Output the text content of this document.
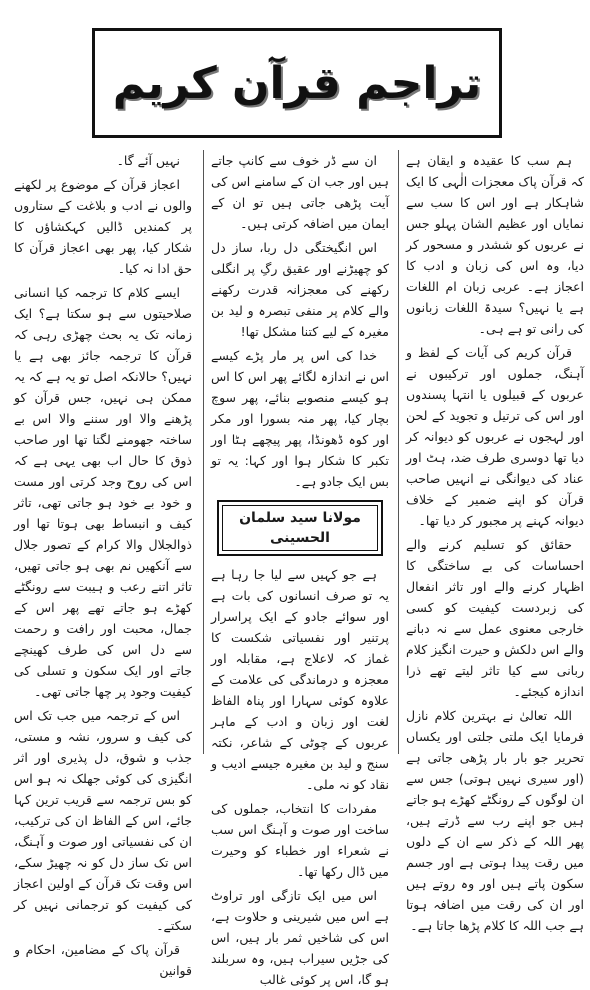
تراجم قرآن کریم

ہم سب کا عقیدہ و ایقان ہے کہ قرآن پاک معجزات الٰہی کا ایک شاہکار ہے اور اس کا سب سے نمایاں اور عظیم الشان پہلو جس نے عربوں کو ششدر و مسحور کر دیا، وہ اس کی زبان و ادب کا اعجاز ہے۔ عربی زبان ام اللغات ہے یا نہیں؟ سیدۃ اللغات زبانوں کی رانی تو ہے ہی۔

قرآن کریم کی آیات کے لفظ و آہنگ، جملوں اور ترکیبوں نے عربوں کے قبیلوں یا انتہا پسندوں اور اس کی ترتیل و تجوید کے لحن اور لہجوں نے عربوں کو دیوانہ کر دیا تھا دوسری طرف ضد، ہٹ اور عناد کی دیوانگی نے انہیں صاحب قرآن کو اپنے ضمیر کے خلاف دیوانہ کہنے پر مجبور کر دیا تھا۔

حقائق کو تسلیم کرنے والے احساسات کی بے ساختگی کا اظہار کرنے والے اور تاثر انفعال کی زبردست کیفیت کو کسی خارجی معنوی عمل سے نہ دبانے والے اس دلکش و حیرت انگیز کلام ربانی سے کیا تاثر لیتے تھے ذرا اندازہ کیجئے۔

اللہ تعالیٰ نے بہترین کلام نازل فرمایا ایک ملتی جلتی اور یکساں تحریر جو بار بار پڑھی جاتی ہے (اور سیری نہیں ہوتی) جس سے ان لوگوں کے رونگٹے کھڑے ہو جاتے ہیں جو اپنے رب سے ڈرتے ہیں، پھر اللہ کے ذکر سے ان کے دلوں میں رقت پیدا ہوتی ہے اور جسم سکون پاتے ہیں اور وہ روتے ہیں اور ان کی رقت میں اضافہ ہوتا ہے جب اللہ کا کلام پڑھا جاتا ہے۔

ان سے ڈر خوف سے کانپ جاتے ہیں اور جب ان کے سامنے اس کی آیت پڑھی جاتی ہیں تو ان کے ایمان میں اضافہ کرتی ہیں۔

اس انگیختگی دل ربا، ساز دل کو چھیڑنے اور عقیق رگِ پر انگلی رکھنے کی معجزانہ قدرت رکھنے والے کلام پر منفی تبصرہ و لید بن مغیرہ کے لیے کتنا مشکل تھا!

خدا کی اس پر مار پڑے کیسے اس نے اندازہ لگائے پھر اس کا اس ہو کیسے منصوبے بنائے، پھر سوچ بچار کیا، پھر منہ بسورا اور مکر اور کوہ ڈھونڈا، پھر پیچھے ہٹا اور تکبر کا شکار ہوا اور کہا: یہ تو بس ایک جادو ہے۔

مولانا سید سلمان الحسینی

ہے جو کہیں سے لیا جا رہا ہے یہ تو صرف انسانوں کی بات ہے اور سوائے جادو کے ایک پراسرار پرتنیر اور نفسیاتی شکست کا غماز کہ لاعلاج ہے، مقابلہ اور معجزہ و درماندگی کی علامت کے علاوہ کوئی سہارا اور پناہ الفاظ لغت اور زبان و ادب کے ماہر عربوں کے چوٹی کے شاعر، نکتہ سنج و لید بن مغیرہ جیسے ادیب و نقاد کو نہ ملی۔

مفردات کا انتخاب، جملوں کی ساخت اور صوت و آہنگ اس سب نے شعراء اور خطباء کو وحیرت میں ڈال رکھا تھا۔

اس میں ایک تازگی اور تراوٹ ہے اس میں شیرینی و حلاوت ہے، اس کی شاخیں ثمر بار ہیں، اس کی جڑیں سیراب ہیں، وہ سربلند ہو گا، اس پر کوئی غالب

نہیں آئے گا۔

اعجاز قرآن کے موضوع پر لکھنے والوں نے ادب و بلاغت کے ستاروں پر کمندیں ڈالیں کہکشاؤں کا شکار کیا، پھر بھی اعجاز قرآن کا حق ادا نہ کیا۔

ایسے کلام کا ترجمہ کیا انسانی صلاحیتوں سے ہو سکتا ہے؟ ایک زمانہ تک یہ بحث چھڑی رہی کہ قرآن کا ترجمہ جائز بھی ہے یا نہیں؟ حالانکہ اصل تو یہ ہے کہ یہ ممکن ہی نہیں، جس قرآن کو پڑھنے والا اور سننے والا اس بے ساختہ جھومنے لگتا تھا اور صاحب ذوق کا حال اب بھی یہی ہے کہ اس کی روح وجد کرتی اور مست و خود بے خود ہو جاتی تھی، تاثر کیف و انبساط بھی ہوتا تھا اور ذوالجلال والا کرام کے تصور جلال سے آنکھیں نم بھی ہو جاتی تھیں، تاثر اتنے رعب و ہیبت سے رونگٹے کھڑے ہو جاتے تھے پھر اس کے جمال، محبت اور رافت و رحمت سے دل اس کی طرف کھینچے جاتے اور ایک سکون و تسلی کی کیفیت وجود پر چھا جاتی تھی۔

اس کے ترجمہ میں جب تک اس کی کیف و سرور، نشہ و مستی، جذب و شوق، دل پذیری اور اثر انگیزی کی کوئی جھلک نہ ہو اس کو بس ترجمہ سے قریب ترین کہا جائے، اس کے الفاظ ان کی ترکیب، ان کی نفسیاتی اور صوت و آہنگ، اس تک ساز دل کو نہ چھیڑ سکے، اس وقت تک قرآن کے اولین اعجاز کی کیفیت کو ترجمانی نہیں کر سکتے۔

قرآن پاک کے مضامین، احکام و قوانین
